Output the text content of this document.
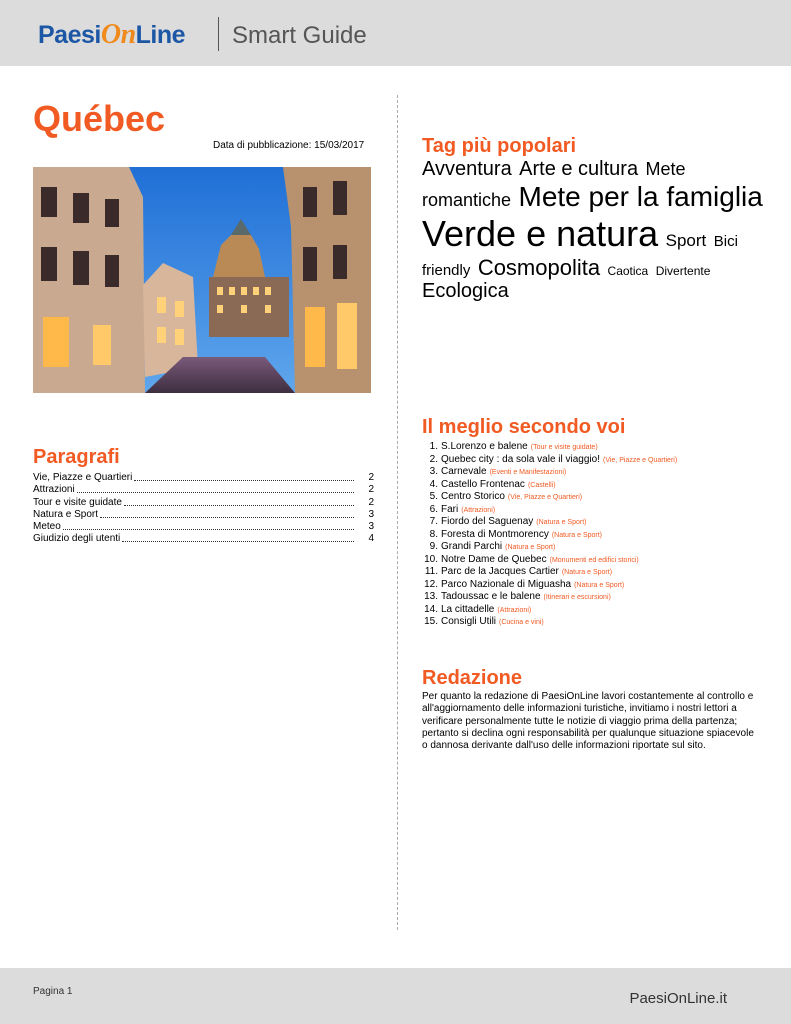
PaesiOnLine Smart Guide
Québec
Data di pubblicazione: 15/03/2017
Paragrafi
Vie, Piazze e Quartieri	2
Attrazioni	2
Tour e visite guidate	2
Natura e Sport	3
Meteo	3
Giudizio degli utenti	4
Tag più popolari
Avventura Arte e cultura Mete romantiche Mete per la famiglia Verde e natura Sport Bici friendly Cosmopolita Caotica Divertente Ecologica
Il meglio secondo voi
1. S.Lorenzo e balene (Tour e visite guidate)
2. Quebec city : da sola vale il viaggio! (Vie, Piazze e Quartieri)
3. Carnevale (Eventi e Manifestazioni)
4. Castello Frontenac (Castelli)
5. Centro Storico (Vie, Piazze e Quartieri)
6. Fari (Attrazioni)
7. Fiordo del Saguenay (Natura e Sport)
8. Foresta di Montmorency (Natura e Sport)
9. Grandi Parchi (Natura e Sport)
10. Notre Dame de Quebec (Monumenti ed edifici storici)
11. Parc de la Jacques Cartier (Natura e Sport)
12. Parco Nazionale di Miguasha (Natura e Sport)
13. Tadoussac e le balene (Itinerari e escursioni)
14. La cittadelle (Attrazioni)
15. Consigli Utili (Cucina e vini)
Redazione

Per quanto la redazione di PaesiOnLine lavori costantemente al controllo e all'aggiornamento delle informazioni turistiche, invitiamo i nostri lettori a verificare personalmente tutte le notizie di viaggio prima della partenza; pertanto si declina ogni responsabilità per qualunque situazione spiacevole o dannosa derivante dall'uso delle informazioni riportate sul sito.

Pagina 1	PaesiOnLine.it
